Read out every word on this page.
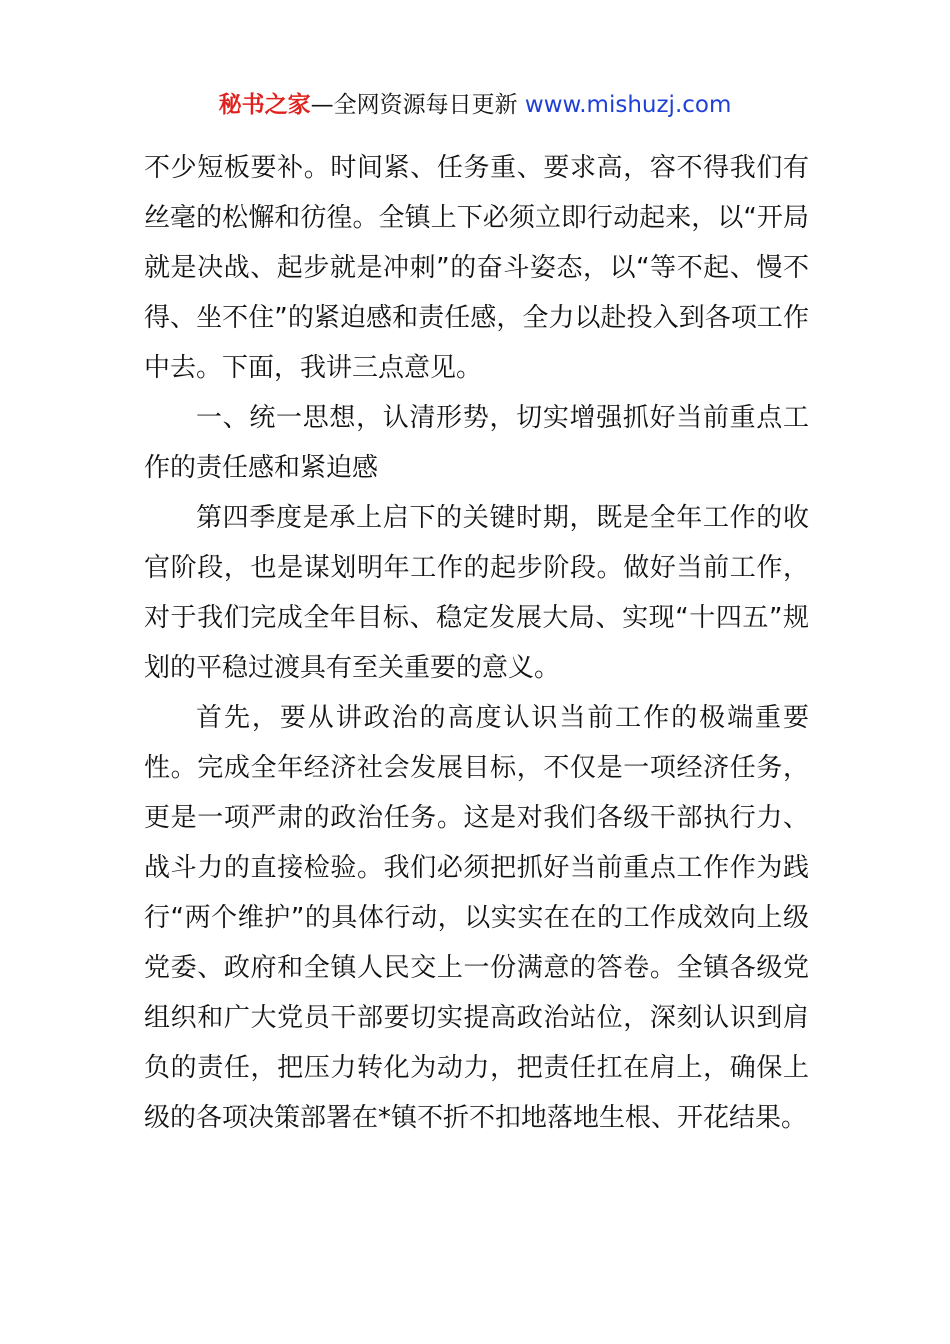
秘书之家—全网资源每日更新 www.mishuzj.com

不少短板要补。时间紧、任务重、要求高，容不得我们有丝毫的松懈和彷徨。全镇上下必须立即行动起来，以“开局就是决战、起步就是冲刺”的奋斗姿态，以“等不起、慢不得、坐不住”的紧迫感和责任感，全力以赴投入到各项工作中去。下面，我讲三点意见。

一、统一思想，认清形势，切实增强抓好当前重点工作的责任感和紧迫感

第四季度是承上启下的关键时期，既是全年工作的收官阶段，也是谋划明年工作的起步阶段。做好当前工作，对于我们完成全年目标、稳定发展大局、实现“十四五”规划的平稳过渡具有至关重要的意义。

首先，要从讲政治的高度认识当前工作的极端重要性。完成全年经济社会发展目标，不仅是一项经济任务，更是一项严肃的政治任务。这是对我们各级干部执行力、战斗力的直接检验。我们必须把抓好当前重点工作作为践行“两个维护”的具体行动，以实实在在的工作成效向上级党委、政府和全镇人民交上一份满意的答卷。全镇各级党组织和广大党员干部要切实提高政治站位，深刻认识到肩负的责任，把压力转化为动力，把责任扛在肩上，确保上级的各项决策部署在*镇不折不扣地落地生根、开花结果。
